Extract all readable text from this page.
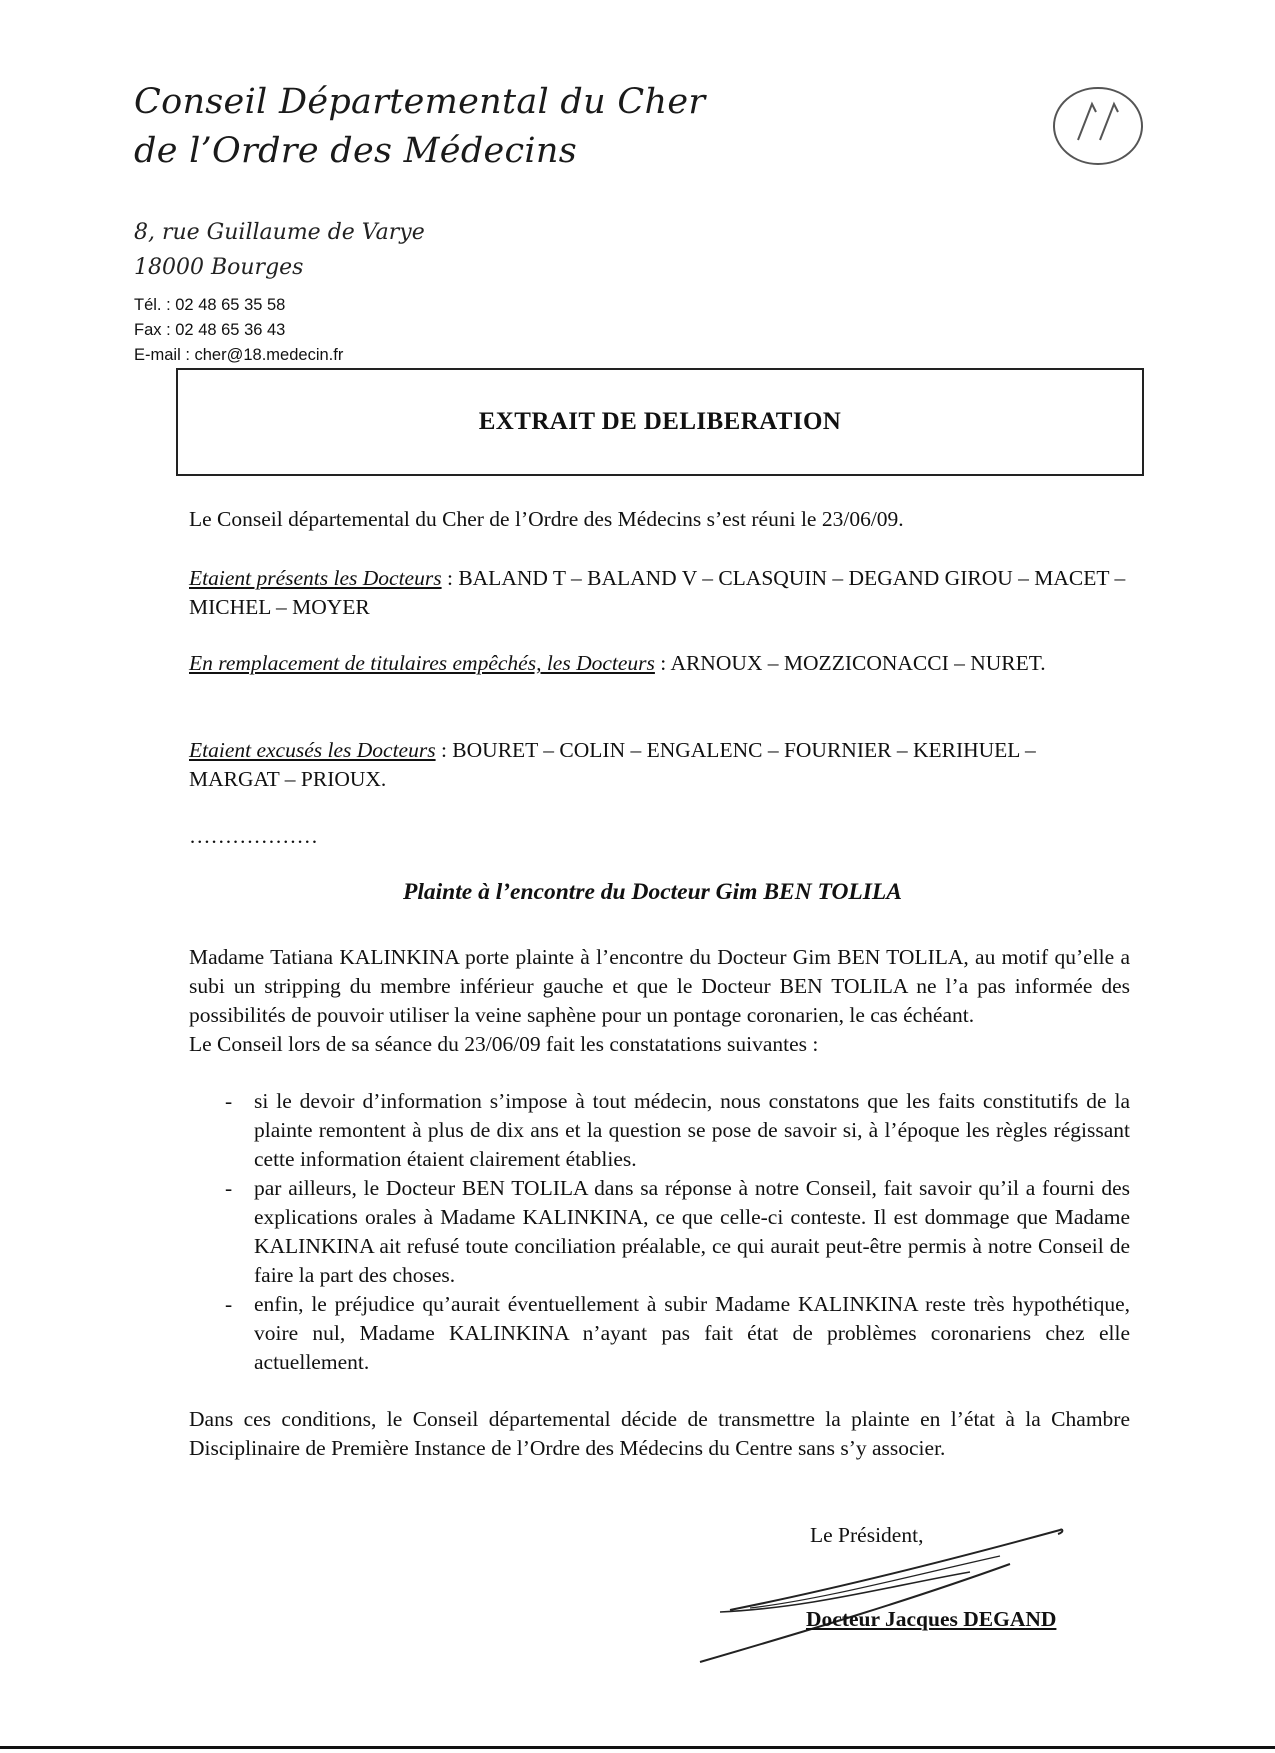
Conseil Départemental du Cher
de l’Ordre des Médecins
8, rue Guillaume de Varye
18000 Bourges
Tél. : 02 48 65 35 58
Fax : 02 48 65 36 43
E-mail : cher@18.medecin.fr
EXTRAIT DE DELIBERATION
Le Conseil départemental du Cher de l’Ordre des Médecins s’est réuni le 23/06/09.
Etaient présents les Docteurs : BALAND T – BALAND V – CLASQUIN – DEGAND GIROU – MACET – MICHEL – MOYER
En remplacement de titulaires empêchés, les Docteurs : ARNOUX – MOZZICONACCI – NURET.
Etaient excusés les Docteurs : BOURET – COLIN – ENGALENC – FOURNIER – KERIHUEL – MARGAT – PRIOUX.
………………
Plainte à l’encontre du Docteur Gim BEN TOLILA
Madame Tatiana KALINKINA porte plainte à l’encontre du Docteur Gim BEN TOLILA, au motif qu’elle a subi un stripping du membre inférieur gauche et que le Docteur BEN TOLILA ne l’a pas informée des possibilités de pouvoir utiliser la veine saphène pour un pontage coronarien, le cas échéant.
Le Conseil lors de sa séance du 23/06/09 fait les constatations suivantes :
-	si le devoir d’information s’impose à tout médecin, nous constatons que les faits constitutifs de la plainte remontent à plus de dix ans et la question se pose de savoir si, à l’époque les règles régissant cette information étaient clairement établies.
-	par ailleurs, le Docteur BEN TOLILA dans sa réponse à notre Conseil, fait savoir qu’il a fourni des explications orales à Madame KALINKINA, ce que celle-ci conteste. Il est dommage que Madame KALINKINA ait refusé toute conciliation préalable, ce qui aurait peut-être permis à notre Conseil de faire la part des choses.
-	enfin, le préjudice qu’aurait éventuellement à subir Madame KALINKINA reste très hypothétique, voire nul, Madame KALINKINA n’ayant pas fait état de problèmes coronariens chez elle actuellement.
Dans ces conditions, le Conseil départemental décide de transmettre la plainte en l’état à la Chambre Disciplinaire de Première Instance de l’Ordre des Médecins du Centre sans s’y associer.
Le Président,
Docteur Jacques DEGAND
